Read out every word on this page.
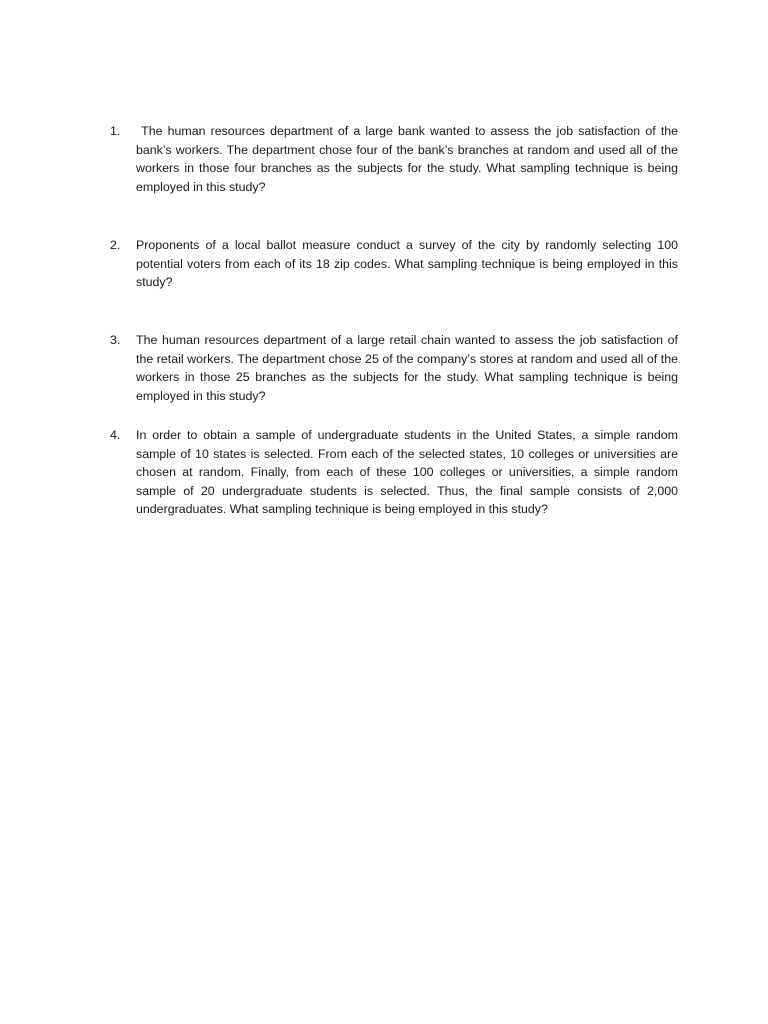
1.	The human resources department of a large bank wanted to assess the job satisfaction of the bank’s workers. The department chose four of the bank’s branches at random and used all of the workers in those four branches as the subjects for the study. What sampling technique is being employed in this study?
2.	Proponents of a local ballot measure conduct a survey of the city by randomly selecting 100 potential voters from each of its 18 zip codes. What sampling technique is being employed in this study?
3.	The human resources department of a large retail chain wanted to assess the job satisfaction of the retail workers. The department chose 25 of the company’s stores at random and used all of the workers in those 25 branches as the subjects for the study. What sampling technique is being employed in this study?
4.	In order to obtain a sample of undergraduate students in the United States, a simple random sample of 10 states is selected. From each of the selected states, 10 colleges or universities are chosen at random. Finally, from each of these 100 colleges or universities, a simple random sample of 20 undergraduate students is selected. Thus, the final sample consists of 2,000 undergraduates. What sampling technique is being employed in this study?
